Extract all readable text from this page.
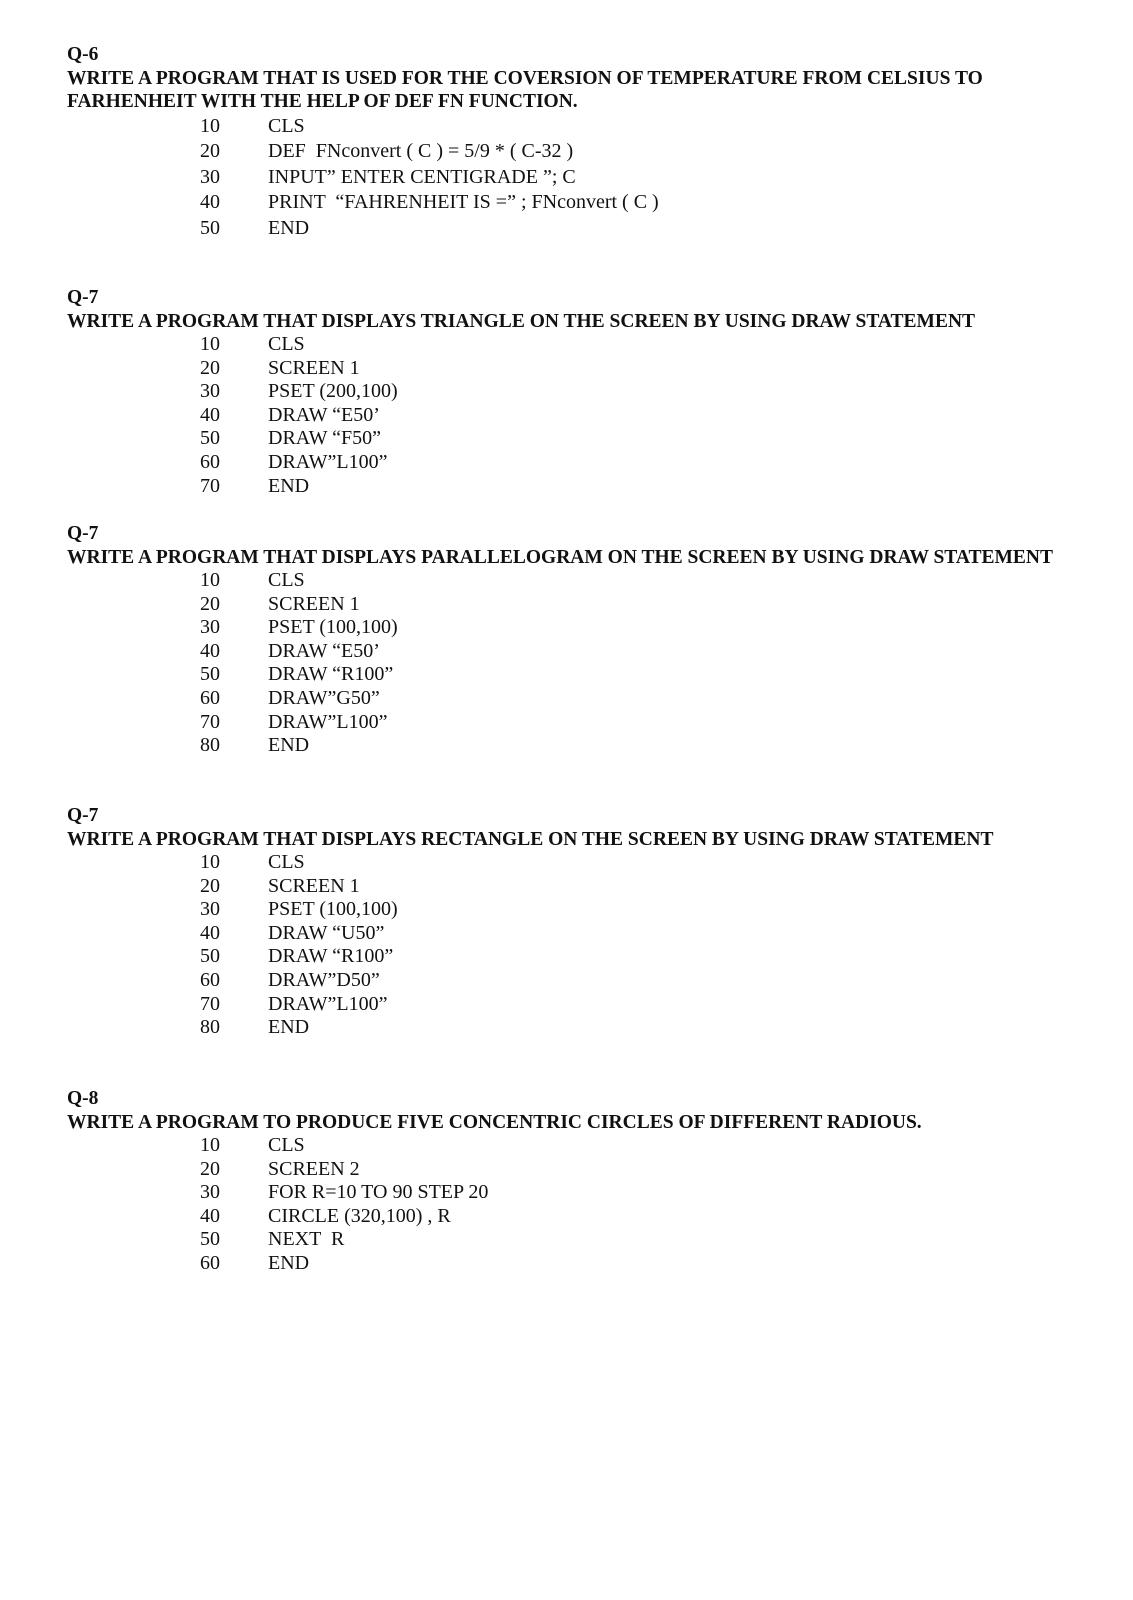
Q-6

WRITE A PROGRAM THAT IS USED FOR THE COVERSION OF TEMPERATURE FROM CELSIUS TO FARHENHEIT WITH THE HELP OF DEF FN FUNCTION.

10	CLS
20	DEF  FNconvert ( C ) = 5/9 * ( C-32 )
30	INPUT” ENTER CENTIGRADE ”; C
40	PRINT  “FAHRENHEIT IS =” ; FNconvert ( C )
50	END

Q-7

WRITE A PROGRAM THAT DISPLAYS TRIANGLE ON THE SCREEN BY USING DRAW STATEMENT

10	CLS
20	SCREEN 1
30	PSET (200,100)
40	DRAW “E50’
50	DRAW “F50”
60	DRAW”L100”
70	END

Q-7

WRITE A PROGRAM THAT DISPLAYS PARALLELOGRAM ON THE SCREEN BY USING DRAW STATEMENT

10	CLS
20	SCREEN 1
30	PSET (100,100)
40	DRAW “E50’
50	DRAW “R100”
60	DRAW”G50”
70	DRAW”L100”
80	END

Q-7

WRITE A PROGRAM THAT DISPLAYS RECTANGLE ON THE SCREEN BY USING DRAW STATEMENT

10	CLS
20	SCREEN 1
30	PSET (100,100)
40	DRAW “U50”
50	DRAW “R100”
60	DRAW”D50”
70	DRAW”L100”
80	END

Q-8

WRITE A PROGRAM TO PRODUCE FIVE CONCENTRIC CIRCLES OF DIFFERENT RADIOUS.

10	CLS
20	SCREEN 2
30	FOR R=10 TO 90 STEP 20
40	CIRCLE (320,100) , R
50	NEXT  R
60	END
